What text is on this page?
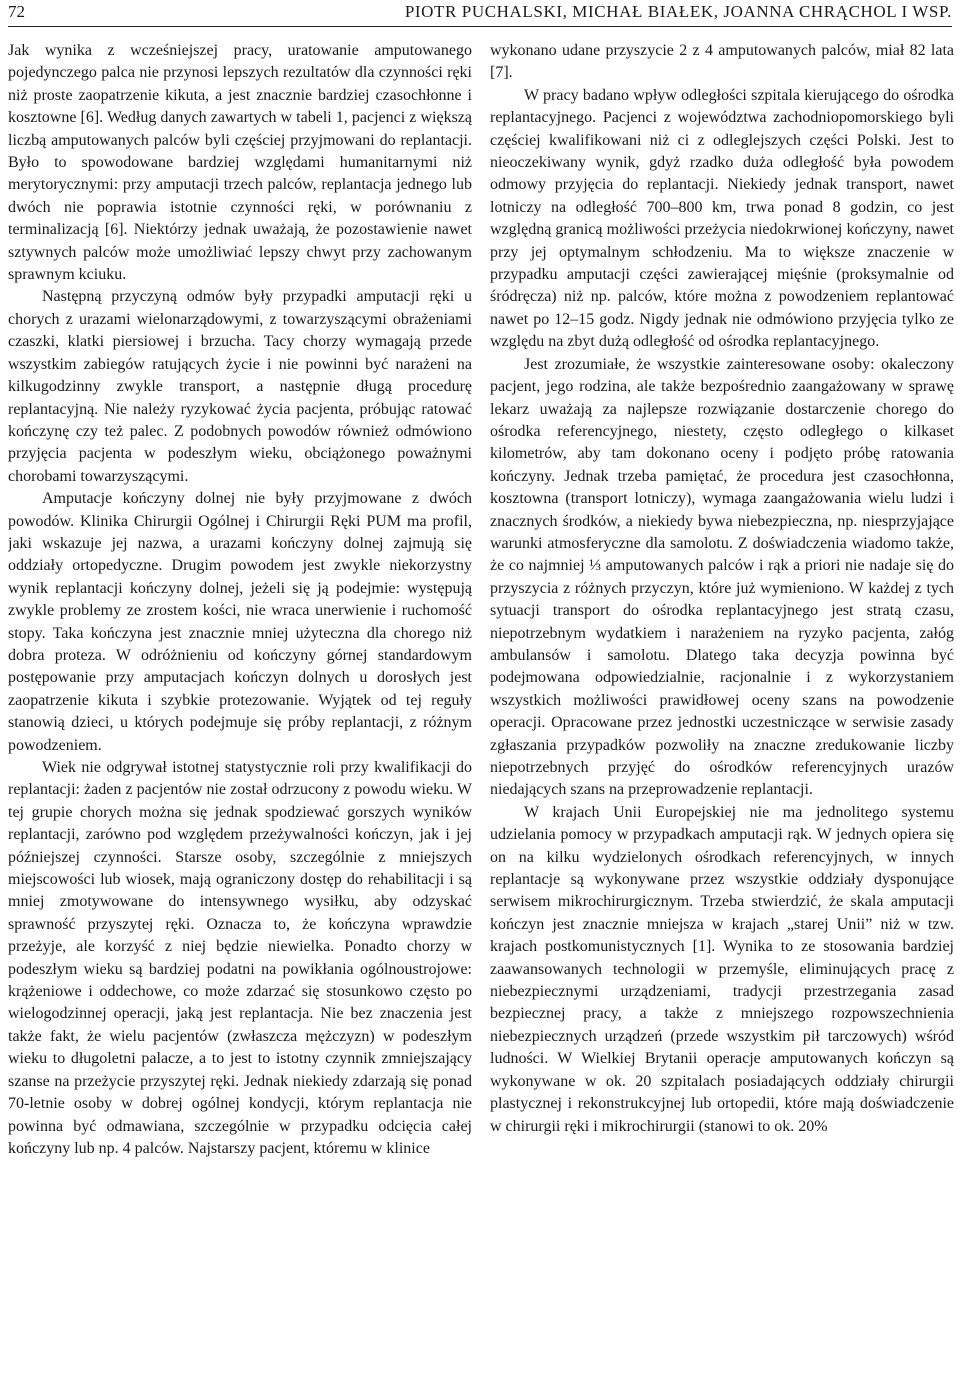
72	PIOTR PUCHALSKI, MICHAŁ BIAŁEK, JOANNA CHRĄCHOL I WSP.

Jak wynika z wcześniejszej pracy, uratowanie amputowanego pojedynczego palca nie przynosi lepszych rezultatów dla czynności ręki niż proste zaopatrzenie kikuta, a jest znacznie bardziej czasochłonne i kosztowne [6]. Według danych zawartych w tabeli 1, pacjenci z większą liczbą amputowanych palców byli częściej przyjmowani do replantacji. Było to spowodowane bardziej względami humanitarnymi niż merytorycznymi: przy amputacji trzech palców, replantacja jednego lub dwóch nie poprawia istotnie czynności ręki, w porównaniu z terminalizacją [6]. Niektórzy jednak uważają, że pozostawienie nawet sztywnych palców może umożliwiać lepszy chwyt przy zachowanym sprawnym kciuku.

Następną przyczyną odmów były przypadki amputacji ręki u chorych z urazami wielonarządowymi, z towarzyszącymi obrażeniami czaszki, klatki piersiowej i brzucha. Tacy chorzy wymagają przede wszystkim zabiegów ratujących życie i nie powinni być narażeni na kilkugodzinny zwykle transport, a następnie długą procedurę replantacyjną. Nie należy ryzykować życia pacjenta, próbując ratować kończynę czy też palec. Z podobnych powodów również odmówiono przyjęcia pacjenta w podeszłym wieku, obciążonego poważnymi chorobami towarzyszącymi.

Amputacje kończyny dolnej nie były przyjmowane z dwóch powodów. Klinika Chirurgii Ogólnej i Chirurgii Ręki PUM ma profil, jaki wskazuje jej nazwa, a urazami kończyny dolnej zajmują się oddziały ortopedyczne. Drugim powodem jest zwykle niekorzystny wynik replantacji kończyny dolnej, jeżeli się ją podejmie: występują zwykle problemy ze zrostem kości, nie wraca unerwienie i ruchomość stopy. Taka kończyna jest znacznie mniej użyteczna dla chorego niż dobra proteza. W odróżnieniu od kończyny górnej standardowym postępowanie przy amputacjach kończyn dolnych u dorosłych jest zaopatrzenie kikuta i szybkie protezowanie. Wyjątek od tej reguły stanowią dzieci, u których podejmuje się próby replantacji, z różnym powodzeniem.

Wiek nie odgrywał istotnej statystycznie roli przy kwalifikacji do replantacji: żaden z pacjentów nie został odrzucony z powodu wieku. W tej grupie chorych można się jednak spodziewać gorszych wyników replantacji, zarówno pod względem przeżywalności kończyn, jak i jej późniejszej czynności. Starsze osoby, szczególnie z mniejszych miejscowości lub wiosek, mają ograniczony dostęp do rehabilitacji i są mniej zmotywowane do intensywnego wysiłku, aby odzyskać sprawność przyszytej ręki. Oznacza to, że kończyna wprawdzie przeżyje, ale korzyść z niej będzie niewielka. Ponadto chorzy w podeszłym wieku są bardziej podatni na powikłania ogólnoustrojowe: krążeniowe i oddechowe, co może zdarzać się stosunkowo często po wielogodzinnej operacji, jaką jest replantacja. Nie bez znaczenia jest także fakt, że wielu pacjentów (zwłaszcza mężczyzn) w podeszłym wieku to długoletni palacze, a to jest to istotny czynnik zmniejszający szanse na przeżycie przyszytej ręki. Jednak niekiedy zdarzają się ponad 70-letnie osoby w dobrej ogólnej kondycji, którym replantacja nie powinna być odmawiana, szczególnie w przypadku odcięcia całej kończyny lub np. 4 palców. Najstarszy pacjent, któremu w klinice

wykonano udane przyszycie 2 z 4 amputowanych palców, miał 82 lata [7].

W pracy badano wpływ odległości szpitala kierującego do ośrodka replantacyjnego. Pacjenci z województwa zachodniopomorskiego byli częściej kwalifikowani niż ci z odleglejszych części Polski. Jest to nieoczekiwany wynik, gdyż rzadko duża odległość była powodem odmowy przyjęcia do replantacji. Niekiedy jednak transport, nawet lotniczy na odległość 700–800 km, trwa ponad 8 godzin, co jest względną granicą możliwości przeżycia niedokrwionej kończyny, nawet przy jej optymalnym schłodzeniu. Ma to większe znaczenie w przypadku amputacji części zawierającej mięśnie (proksymalnie od śródręcza) niż np. palców, które można z powodzeniem replantować nawet po 12–15 godz. Nigdy jednak nie odmówiono przyjęcia tylko ze względu na zbyt dużą odległość od ośrodka replantacyjnego.

Jest zrozumiałe, że wszystkie zainteresowane osoby: okaleczony pacjent, jego rodzina, ale także bezpośrednio zaangażowany w sprawę lekarz uważają za najlepsze rozwiązanie dostarczenie chorego do ośrodka referencyjnego, niestety, często odległego o kilkaset kilometrów, aby tam dokonano oceny i podjęto próbę ratowania kończyny. Jednak trzeba pamiętać, że procedura jest czasochłonna, kosztowna (transport lotniczy), wymaga zaangażowania wielu ludzi i znacznych środków, a niekiedy bywa niebezpieczna, np. niesprzyjające warunki atmosferyczne dla samolotu. Z doświadczenia wiadomo także, że co najmniej ⅓ amputowanych palców i rąk a priori nie nadaje się do przyszycia z różnych przyczyn, które już wymieniono. W każdej z tych sytuacji transport do ośrodka replantacyjnego jest stratą czasu, niepotrzebnym wydatkiem i narażeniem na ryzyko pacjenta, załóg ambulansów i samolotu. Dlatego taka decyzja powinna być podejmowana odpowiedzialnie, racjonalnie i z wykorzystaniem wszystkich możliwości prawidłowej oceny szans na powodzenie operacji. Opracowane przez jednostki uczestniczące w serwisie zasady zgłaszania przypadków pozwoliły na znaczne zredukowanie liczby niepotrzebnych przyjęć do ośrodków referencyjnych urazów niedających szans na przeprowadzenie replantacji.

W krajach Unii Europejskiej nie ma jednolitego systemu udzielania pomocy w przypadkach amputacji rąk. W jednych opiera się on na kilku wydzielonych ośrodkach referencyjnych, w innych replantacje są wykonywane przez wszystkie oddziały dysponujące serwisem mikrochirurgicznym. Trzeba stwierdzić, że skala amputacji kończyn jest znacznie mniejsza w krajach „starej Unii” niż w tzw. krajach postkomunistycznych [1]. Wynika to ze stosowania bardziej zaawansowanych technologii w przemyśle, eliminujących pracę z niebezpiecznymi urządzeniami, tradycji przestrzegania zasad bezpiecznej pracy, a także z mniejszego rozpowszechnienia niebezpiecznych urządzeń (przede wszystkim pił tarczowych) wśród ludności. W Wielkiej Brytanii operacje amputowanych kończyn są wykonywane w ok. 20 szpitalach posiadających oddziały chirurgii plastycznej i rekonstrukcyjnej lub ortopedii, które mają doświadczenie w chirurgii ręki i mikrochirurgii (stanowi to ok. 20%
